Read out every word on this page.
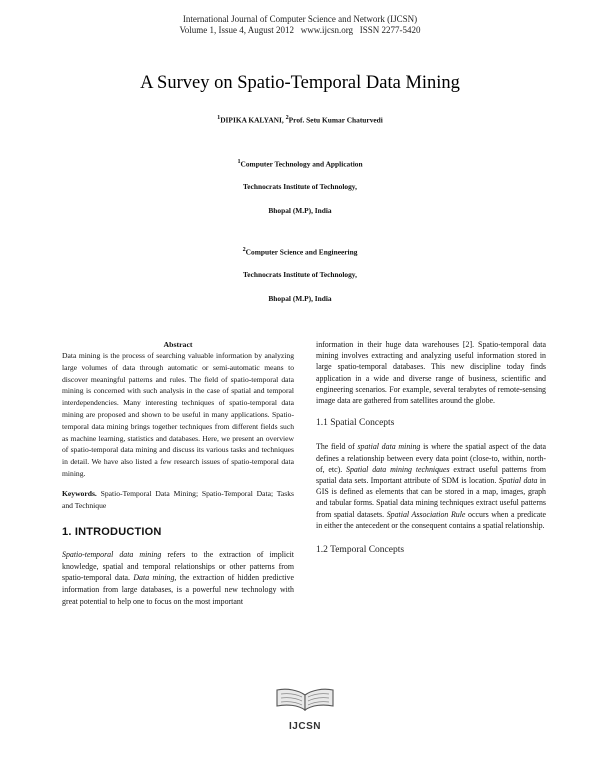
International Journal of Computer Science and Network (IJCSN)
Volume 1, Issue 4, August 2012   www.ijcsn.org   ISSN 2277-5420
A Survey on Spatio-Temporal Data Mining
$^1$DIPIKA KALYANI, $^2$Prof. Setu Kumar Chaturvedi
$^1$Computer Technology and Application
Technocrats Institute of Technology,
Bhopal (M.P), India
$^2$Computer Science and Engineering
Technocrats Institute of Technology,
Bhopal (M.P), India
Abstract

Data mining is the process of searching valuable information by analyzing large volumes of data through automatic or semi-automatic means to discover meaningful patterns and rules. The field of spatio-temporal data mining is concerned with such analysis in the case of spatial and temporal interdependencies. Many interesting techniques of spatio-temporal data mining are proposed and shown to be useful in many applications. Spatio-temporal data mining brings together techniques from different fields such as machine learning, statistics and databases. Here, we present an overview of spatio-temporal data mining and discuss its various tasks and techniques in detail. We have also listed a few research issues of spatio-temporal data mining.

Keywords. Spatio-Temporal Data Mining; Spatio-Temporal Data; Tasks and Technique

1. INTRODUCTION

Spatio-temporal data mining refers to the extraction of implicit knowledge, spatial and temporal relationships or other patterns from spatio-temporal data. Data mining, the extraction of hidden predictive information from large databases, is a powerful new technology with great potential to help one to focus on the most important

information in their huge data warehouses [2]. Spatio-temporal data mining involves extracting and analyzing useful information stored in large spatio-temporal databases. This new discipline today finds application in a wide and diverse range of business, scientific and engineering scenarios. For example, several terabytes of remote-sensing image data are gathered from satellites around the globe.

1.1 Spatial Concepts

The field of spatial data mining is where the spatial aspect of the data defines a relationship between every data point (close-to, within, north-of, etc). Spatial data mining techniques extract useful patterns from spatial data sets. Important attribute of SDM is location. Spatial data in GIS is defined as elements that can be stored in a map, images, graph and tabular forms. Spatial data mining techniques extract useful patterns from spatial datasets. Spatial Association Rule occurs when a predicate in either the antecedent or the consequent contains a spatial relationship.

1.2 Temporal Concepts
IJCSN
